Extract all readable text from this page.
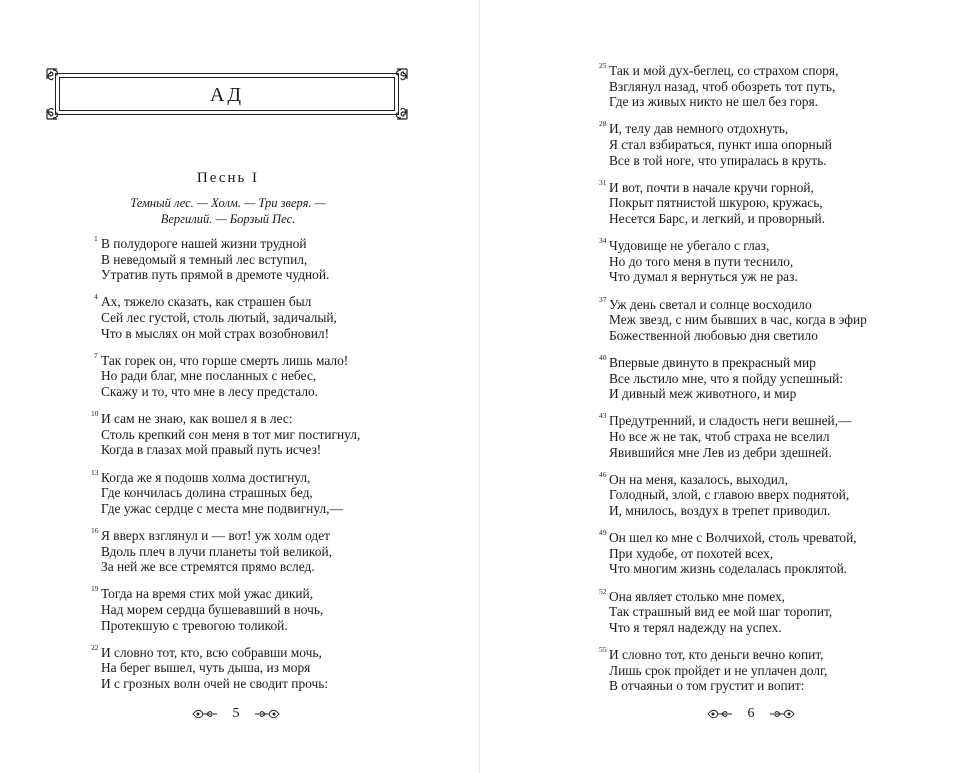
АД
Песнь I
Темный лес. — Холм. — Три зверя. —
Вергилий. — Борзый Пес.
1 В полудороге нашей жизни трудной
В неведомый я темный лес вступил,
Утратив путь прямой в дремоте чудной.
4 Ах, тяжело сказать, как страшен был
Сей лес густой, столь лютый, задичалый,
Что в мыслях он мой страх возобновил!
7 Так горек он, что горше смерть лишь мало!
Но ради благ, мне посланных с небес,
Скажу и то, что мне в лесу предстало.
10 И сам не знаю, как вошел я в лес:
Столь крепкий сон меня в тот миг постигнул,
Когда в глазах мой правый путь исчез!
13 Когда же я подошв холма достигнул,
Где кончилась долина страшных бед,
Где ужас сердце с места мне подвигнул,—
16 Я вверх взглянул и — вот! уж холм одет
Вдоль плеч в лучи планеты той великой,
За ней же все стремятся прямо вслед.
19 Тогда на время стих мой ужас дикий,
Над морем сердца бушевавший в ночь,
Протекшую с тревогою толикой.
22 И словно тот, кто, всю собравши мочь,
На берег вышел, чуть дыша, из моря
И с грозных волн очей не сводит прочь:
5
25 Так и мой дух-беглец, со страхом споря,
Взглянул назад, чтоб обозреть тот путь,
Где из живых никто не шел без горя.
28 И, телу дав немного отдохнуть,
Я стал взбираться, пункт иша опорный
Все в той ноге, что упиралась в круть.
31 И вот, почти в начале кручи горной,
Покрыт пятнистой шкурою, кружась,
Несется Барс, и легкий, и проворный.
34 Чудовище не убегало с глаз,
Но до того меня в пути теснило,
Что думал я вернуться уж не раз.
37 Уж день светал и солнце восходило
Меж звезд, с ним бывших в час, когда в эфир
Божественной любовью дня светило
40 Впервые двинуто в прекрасный мир
Все льстило мне, что я пойду успешный:
И дивный меж животного, и мир
43 Предутренний, и сладость неги вешней,—
Но все ж не так, чтоб страха не вселил
Явившийся мне Лев из дебри здешней.
46 Он на меня, казалось, выходил,
Голодный, злой, с главою вверх поднятой,
И, мнилось, воздух в трепет приводил.
49 Он шел ко мне с Волчихой, столь чреватой,
При худобе, от похотей всех,
Что многим жизнь соделалась проклятой.
52 Она являет столько мне помех,
Так страшный вид ее мой шаг торопит,
Что я терял надежду на успех.
55 И словно тот, кто деньги вечно копит,
Лишь срок пройдет и не уплачен долг,
В отчаяньи о том грустит и вопит:
6
